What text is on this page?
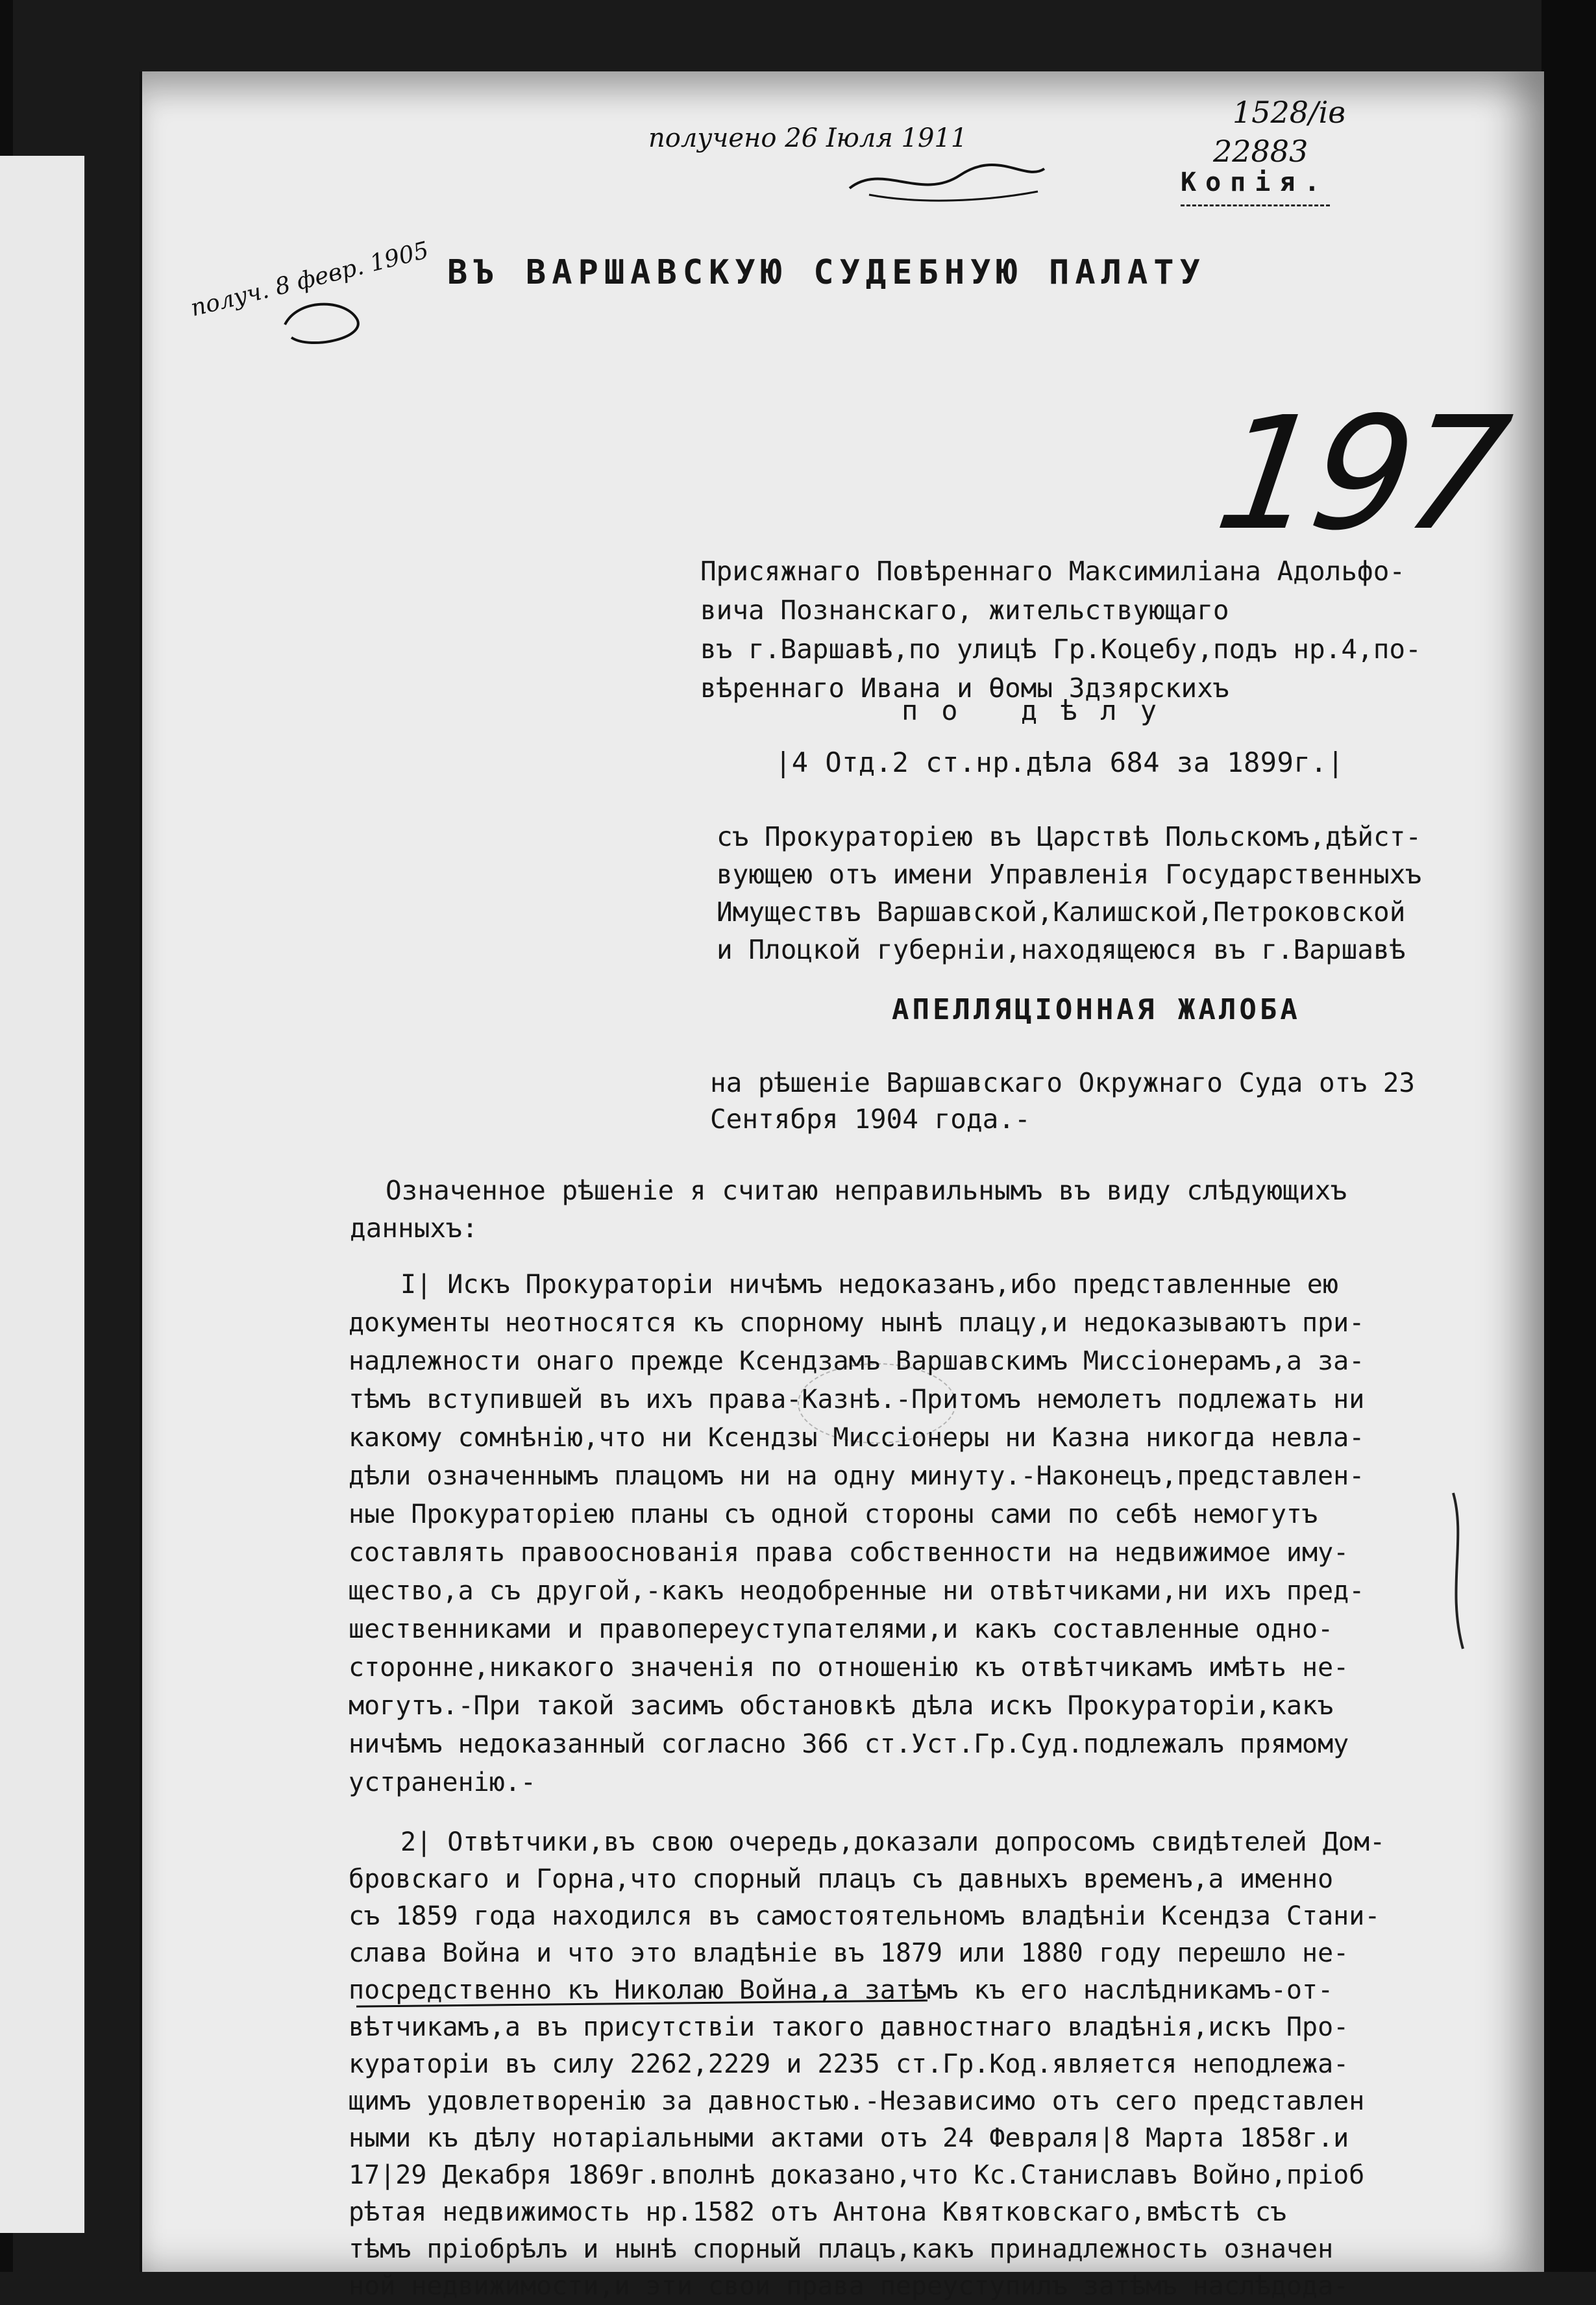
получено 26 Іюля 1911
1528/ів
22883
Копія.
получ. 8 февр. 1905 ВЪ ВАРШАВСКУЮ СУДЕБНУЮ ПАЛАТУ
197
Присяжнаго Повѣреннаго Максимиліана Адольфо-
вича Познанскаго, жительствующаго
въ г.Варшавѣ,по улицѣ Гр.Коцебу,подъ нр.4,по-
вѣреннаго Ивана и Ѳомы Здзярскихъ
по дѣлу
|4 Отд.2 ст.нр.дѣла 684 за 1899г.|
съ Прокураторіею въ Царствѣ Польскомъ,дѣйст-
вующею отъ имени Управленія Государственныхъ
Имуществъ Варшавской,Калишской,Петроковской
и Плоцкой губерніи,находящеюся въ г.Варшавѣ
АПЕЛЛЯЦІОННАЯ ЖАЛОБА
на рѣшеніе Варшавскаго Окружнаго Суда отъ 23
Сентября 1904 года.-
Означенное рѣшеніе я считаю неправильнымъ въ виду слѣдующихъ
данныхъ:
I| Искъ Прокураторіи ничѣмъ недоказанъ,ибо представленные ею
документы неотносятся къ спорному нынѣ плацу,и недоказываютъ при-
надлежности онаго прежде Ксендзамъ Варшавскимъ Миссіонерамъ,а за-
тѣмъ вступившей въ ихъ права-Казнѣ.-Притомъ немолетъ подлежать ни
какому сомнѣнію,что ни Ксендзы Миссіонеры ни Казна никогда невла-
дѣли означеннымъ плацомъ ни на одну минуту.-Наконецъ,представлен-
ные Прокураторіею планы съ одной стороны сами по себѣ немогутъ
составлять правооснованія права собственности на недвижимое иму-
щество,а съ другой,-какъ неодобренные ни отвѣтчиками,ни ихъ пред-
шественниками и правопереуступателями,и какъ составленные одно-
сторонне,никакого значенія по отношенію къ отвѣтчикамъ имѣть не-
могутъ.-При такой засимъ обстановкѣ дѣла искъ Прокураторіи,какъ
ничѣмъ недоказанный согласно 366 ст.Уст.Гр.Суд.подлежалъ прямому
устраненію.-
2| Отвѣтчики,въ свою очередь,доказали допросомъ свидѣтелей Дом-
бровскаго и Горна,что спорный плацъ съ давныхъ временъ,а именно
съ 1859 года находился въ самостоятельномъ владѣніи Ксендза Стани-
слава Война и что это владѣніе въ 1879 или 1880 году перешло не-
посредственно къ Николаю Война,а затѣмъ къ его наслѣдникамъ-от-
вѣтчикамъ,а въ присутствіи такого давностнаго владѣнія,искъ Про-
кураторіи въ силу 2262,2229 и 2235 ст.Гр.Код.является неподлежа-
щимъ удовлетворенію за давностью.-Независимо отъ сего представлен
ными къ дѣлу нотаріальными актами отъ 24 Февраля|8 Марта 1858г.и
17|29 Декабря 1869г.вполнѣ доказано,что Кс.Станиславъ Войно,пріоб
рѣтая недвижимость нр.1582 отъ Антона Квятковскаго,вмѣстѣ съ
тѣмъ пріобрѣлъ и нынѣ спорный плацъ,какъ принадлежность означен
ной недвижимости,и эти свои права переуступилъ затѣмъ наслѣдода-
